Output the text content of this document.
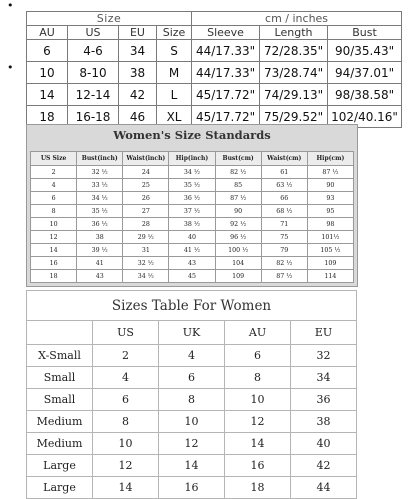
•
•
Size				cm / inches		
AU	US	EU	Size	Sleeve	Length	Bust
6	4-6	34	S	44/17.33"	72/28.35"	90/35.43"
10	8-10	38	M	44/17.33"	73/28.74"	94/37.01"
14	12-14	42	L	45/17.72"	74/29.13"	98/38.58"
18	16-18	46	XL	45/17.72"	75/29.52"	102/40.16"
Women's Size Standards
US Size	Bust(inch)	Waist(inch)	Hip(inch)	Bust(cm)	Waist(cm)	Hip(cm)
2	32 ½	24	34 ½	82 ½	61	87 ½
4	33 ½	25	35 ½	85	63 ½	90
6	34 ½	26	36 ½	87 ½	66	93
8	35 ½	27	37 ½	90	68 ½	95
10	36 ½	28	38 ½	92 ½	71	98
12	38	29 ½	40	96 ½	75	101½
14	39 ½	31	41 ½	100 ½	79	105 ½
16	41	32 ½	43	104	82 ½	109
18	43	34 ½	45	109	87 ½	114
Sizes Table For Women				
	US	UK	AU	EU
X-Small	2	4	6	32
Small	4	6	8	34
Small	6	8	10	36
Medium	8	10	12	38
Medium	10	12	14	40
Large	12	14	16	42
Large	14	16	18	44
